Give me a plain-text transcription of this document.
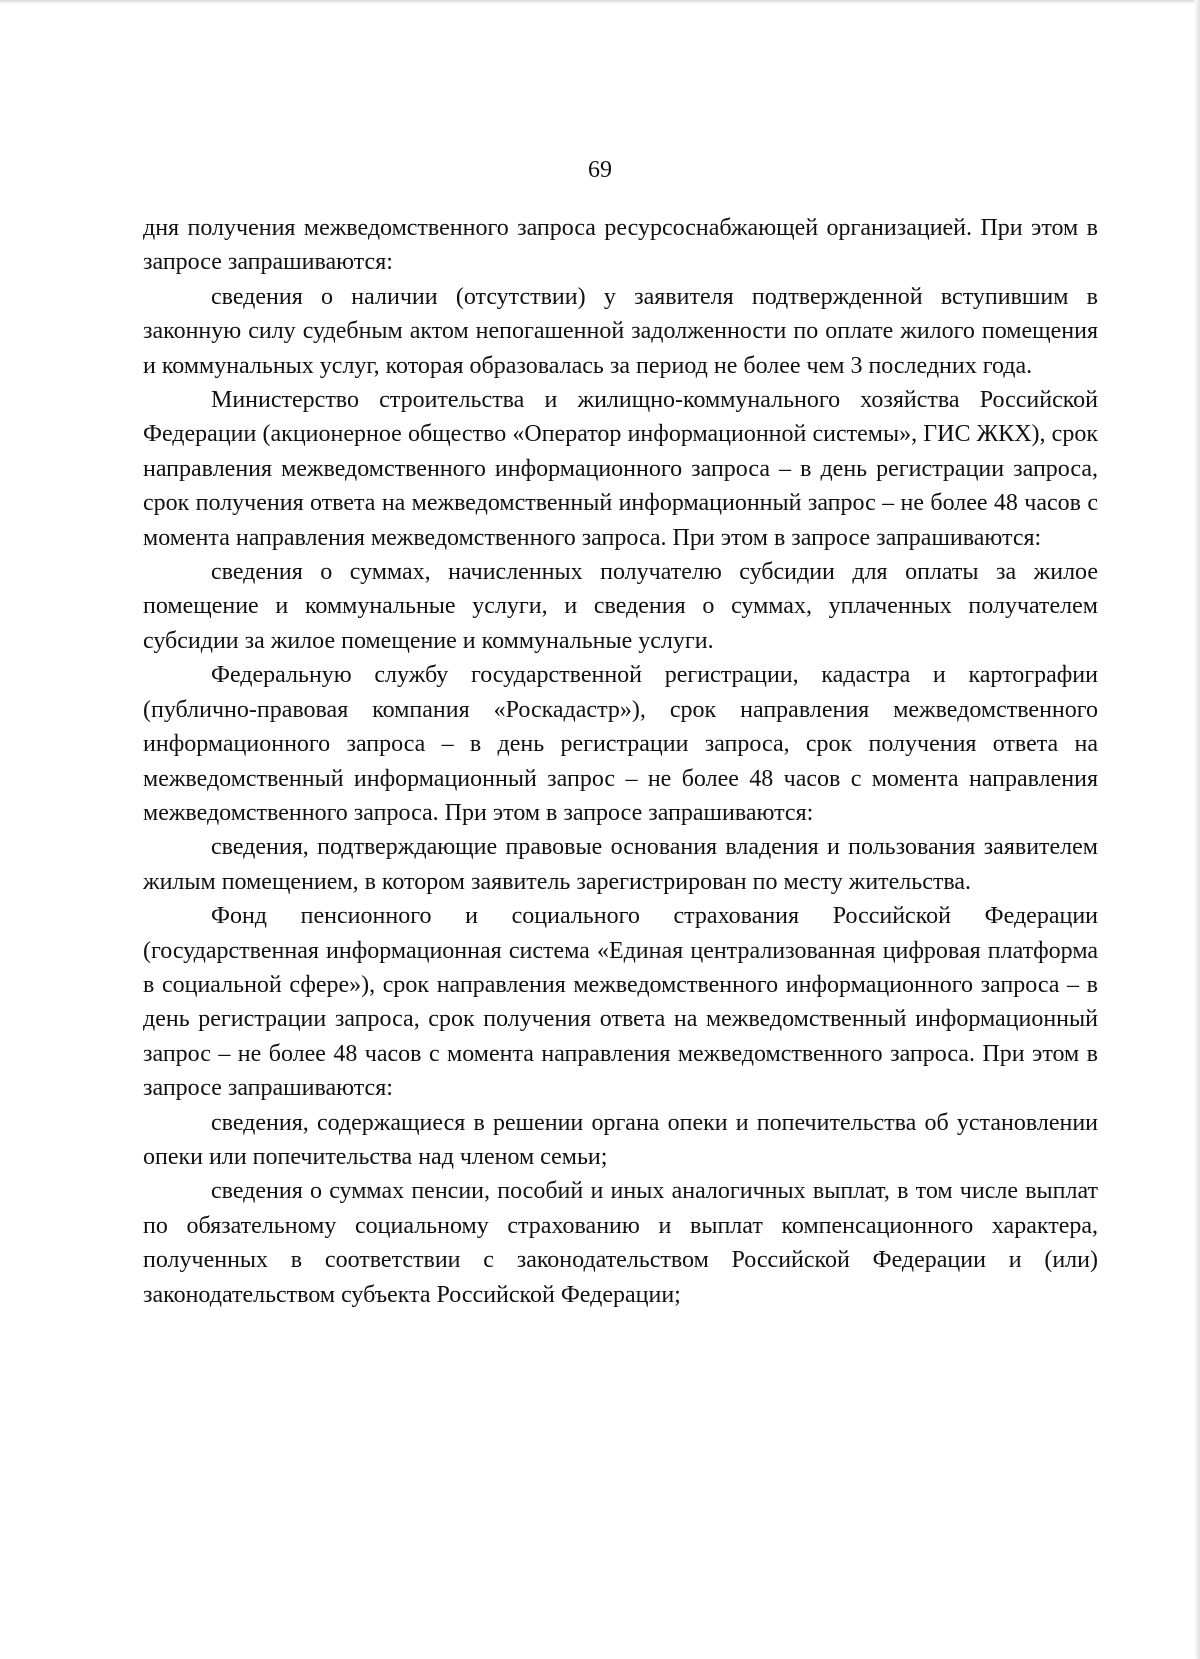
69

дня получения межведомственного запроса ресурсоснабжающей организацией. При этом в запросе запрашиваются:

сведения о наличии (отсутствии) у заявителя подтвержденной вступившим в законную силу судебным актом непогашенной задолженности по оплате жилого помещения и коммунальных услуг, которая образовалась за период не более чем 3 последних года.

Министерство строительства и жилищно-коммунального хозяйства Российской Федерации (акционерное общество «Оператор информационной системы», ГИС ЖКХ), срок направления межведомственного информационного запроса – в день регистрации запроса, срок получения ответа на межведомственный информационный запрос – не более 48 часов с момента направления межведомственного запроса. При этом в запросе запрашиваются:

сведения о суммах, начисленных получателю субсидии для оплаты за жилое помещение и коммунальные услуги, и сведения о суммах, уплаченных получателем субсидии за жилое помещение и коммунальные услуги.

Федеральную службу государственной регистрации, кадастра и картографии (публично-правовая компания «Роскадастр»), срок направления межведомственного информационного запроса – в день регистрации запроса, срок получения ответа на межведомственный информационный запрос – не более 48 часов с момента направления межведомственного запроса. При этом в запросе запрашиваются:

сведения, подтверждающие правовые основания владения и пользования заявителем жилым помещением, в котором заявитель зарегистрирован по месту жительства.

Фонд пенсионного и социального страхования Российской Федерации (государственная информационная система «Единая централизованная цифровая платформа в социальной сфере»), срок направления межведомственного информационного запроса – в день регистрации запроса, срок получения ответа на межведомственный информационный запрос – не более 48 часов с момента направления межведомственного запроса. При этом в запросе запрашиваются:

сведения, содержащиеся в решении органа опеки и попечительства об установлении опеки или попечительства над членом семьи;

сведения о суммах пенсии, пособий и иных аналогичных выплат, в том числе выплат по обязательному социальному страхованию и выплат компенсационного характера, полученных в соответствии с законодательством Российской Федерации и (или) законодательством субъекта Российской Федерации;
